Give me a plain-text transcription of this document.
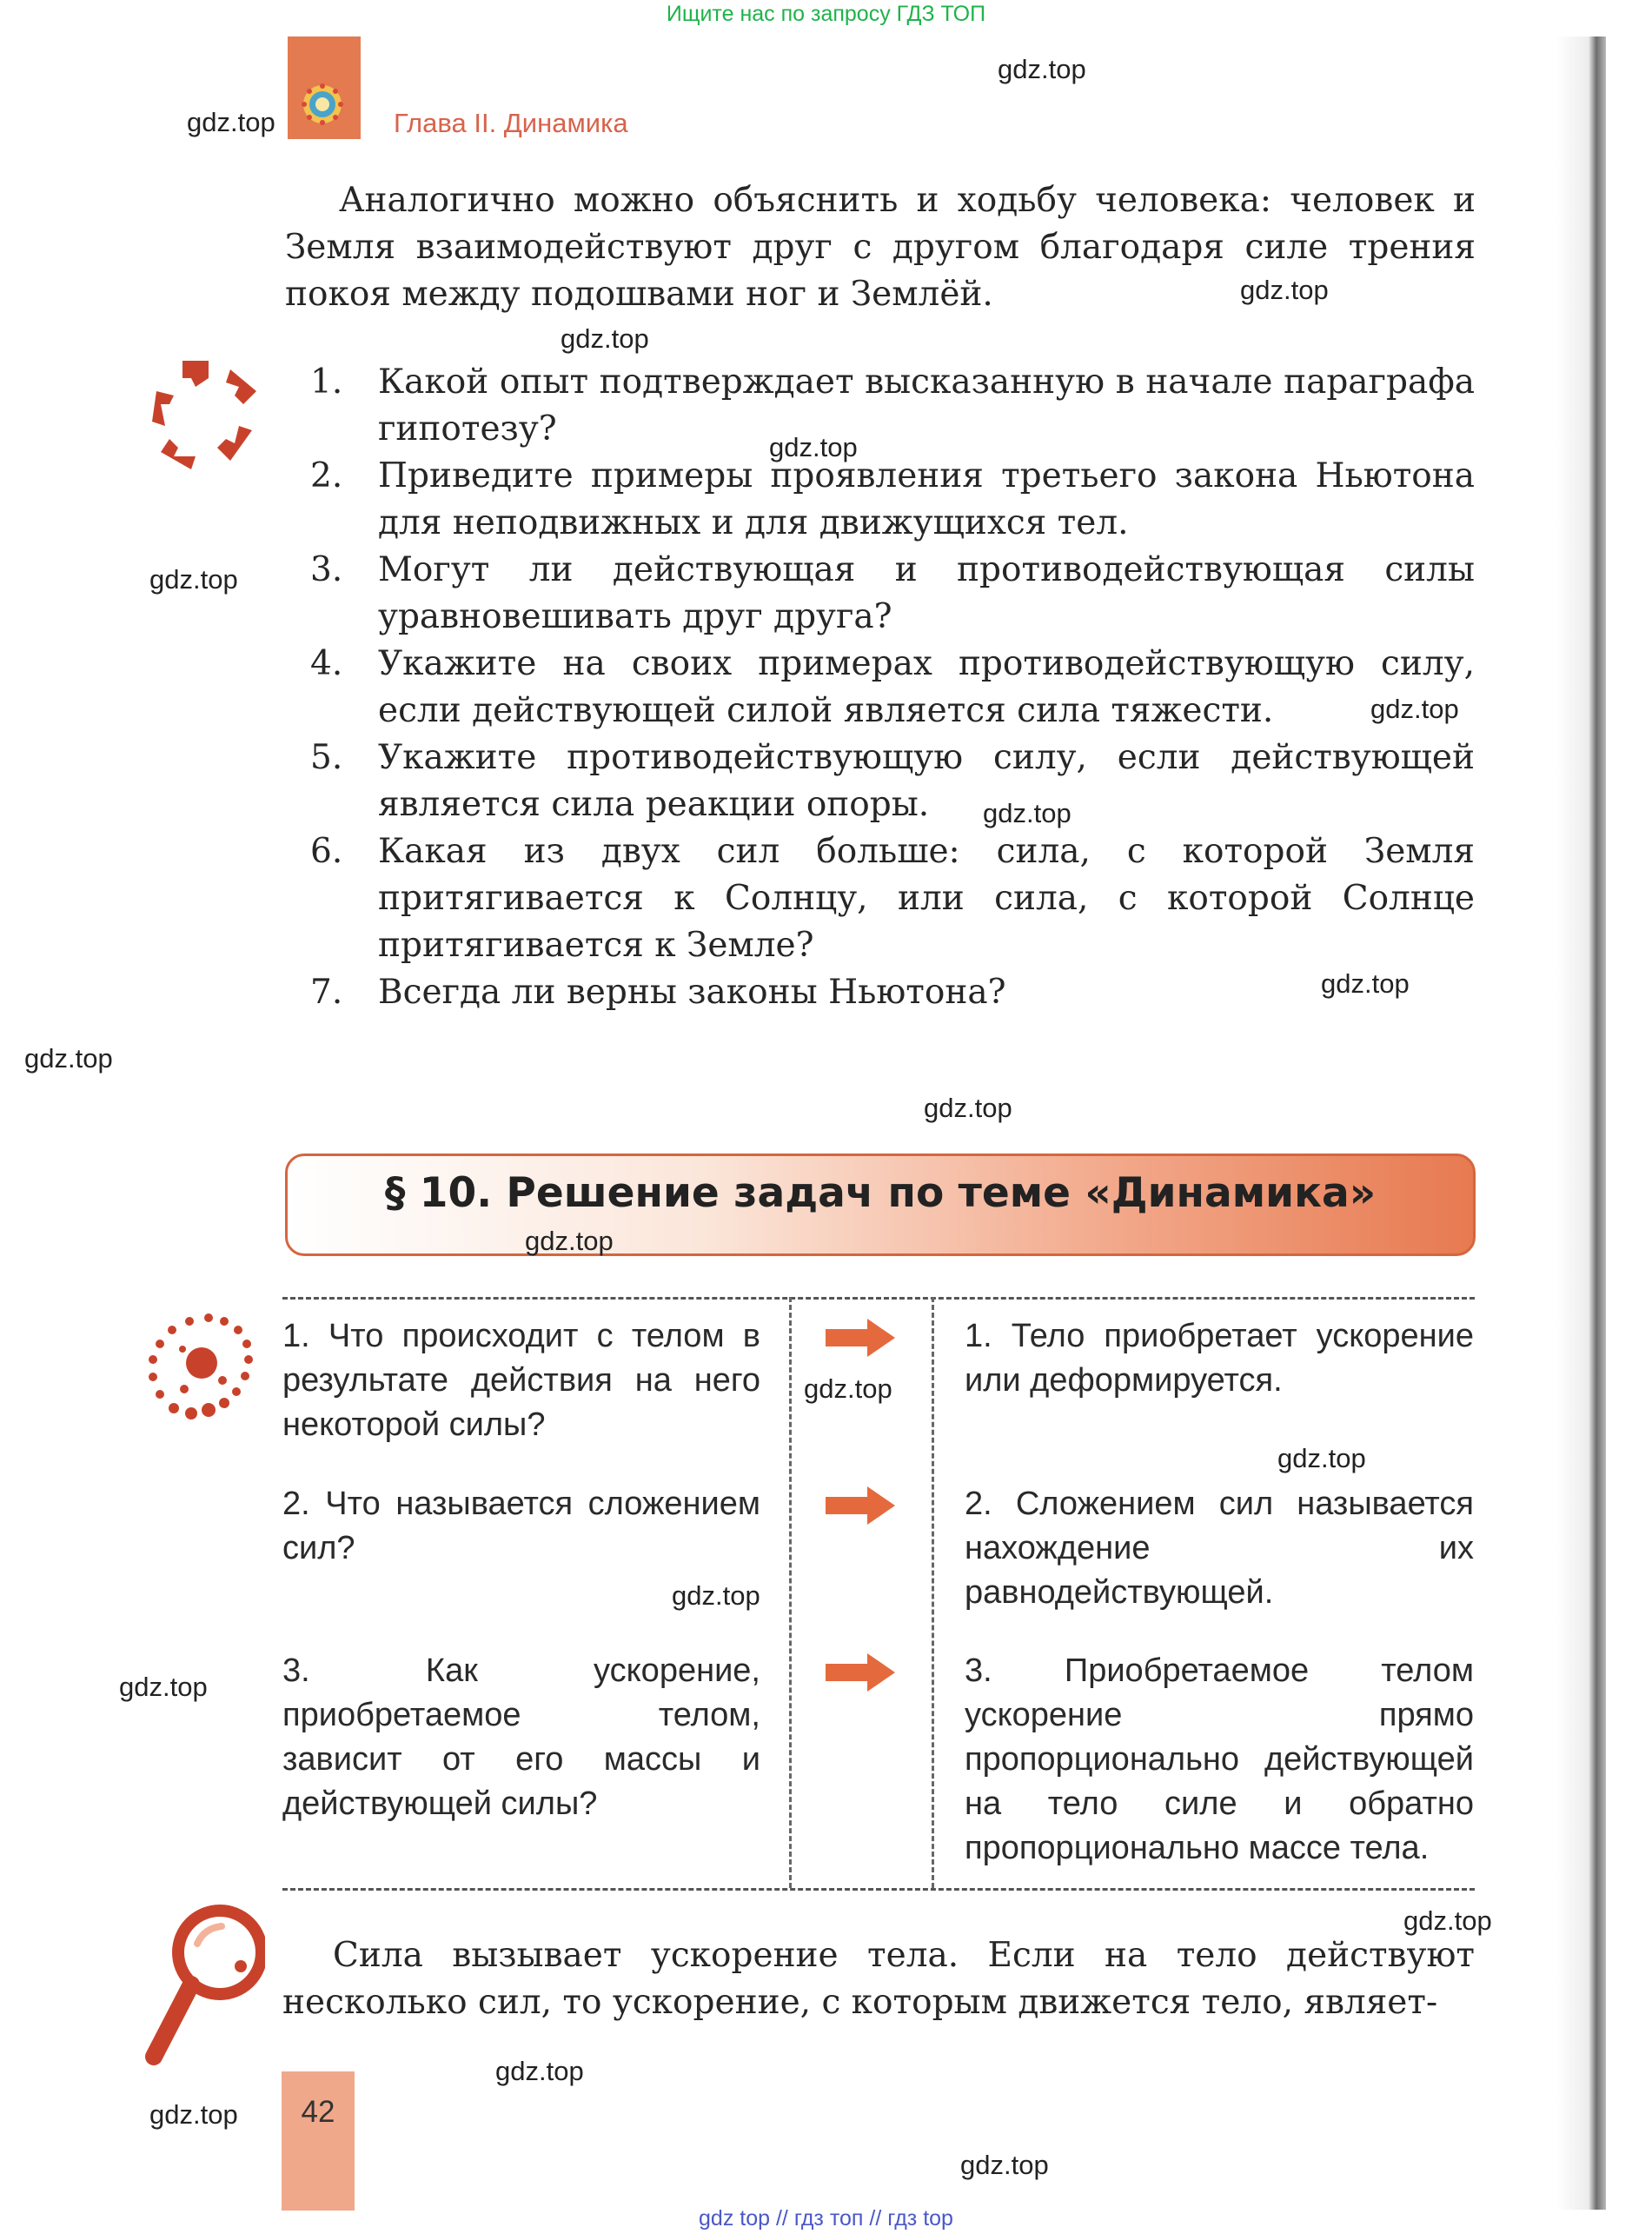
Ищите нас по запросу ГДЗ ТОП
gdz top // гдз топ // гдз top
Глава II. Динамика

Аналогично можно объяснить и ходьбу человека: человек и Земля взаимодействуют друг с другом благодаря силе трения покоя между подошвами ног и Землёй.

1.	Какой опыт подтверждает высказанную в начале параграфа гипотезу?
2.	Приведите примеры проявления третьего закона Ньютона для неподвижных и для движущихся тел.
3.	Могут ли действующая и противодействующая силы уравновешивать друг друга?
4.	Укажите на своих примерах противодействующую силу, если действующей силой является сила тяжести.
5.	Укажите противодействующую силу, если действующей является сила реакции опоры.
6.	Какая из двух сил больше: сила, с которой Земля притягивается к Солнцу, или сила, с которой Солнце притягивается к Земле?
7.	Всегда ли верны законы Ньютона?
§ 10. Решение задач по теме «Динамика»
1. Что происходит с телом в результате действия на него некоторой силы?
1. Тело приобретает ускорение или деформируется.
2. Что называется сложением сил?
2. Сложением сил называется нахождение их равнодействующей.
3. Как ускорение, приобретаемое телом, зависит от его массы и действующей силы?
3. Приобретаемое телом ускорение прямо пропорционально действующей на тело силе и обратно пропорционально массе тела.

Сила вызывает ускорение тела. Если на тело действуют несколько сил, то ускорение, с которым движется тело, являет-

42
gdz.top
gdz.top
gdz.top
gdz.top
gdz.top
gdz.top
gdz.top
gdz.top
gdz.top
gdz.top
gdz.top
gdz.top
gdz.top
gdz.top
gdz.top
gdz.top
gdz.top
gdz.top
gdz.top
gdz.top
